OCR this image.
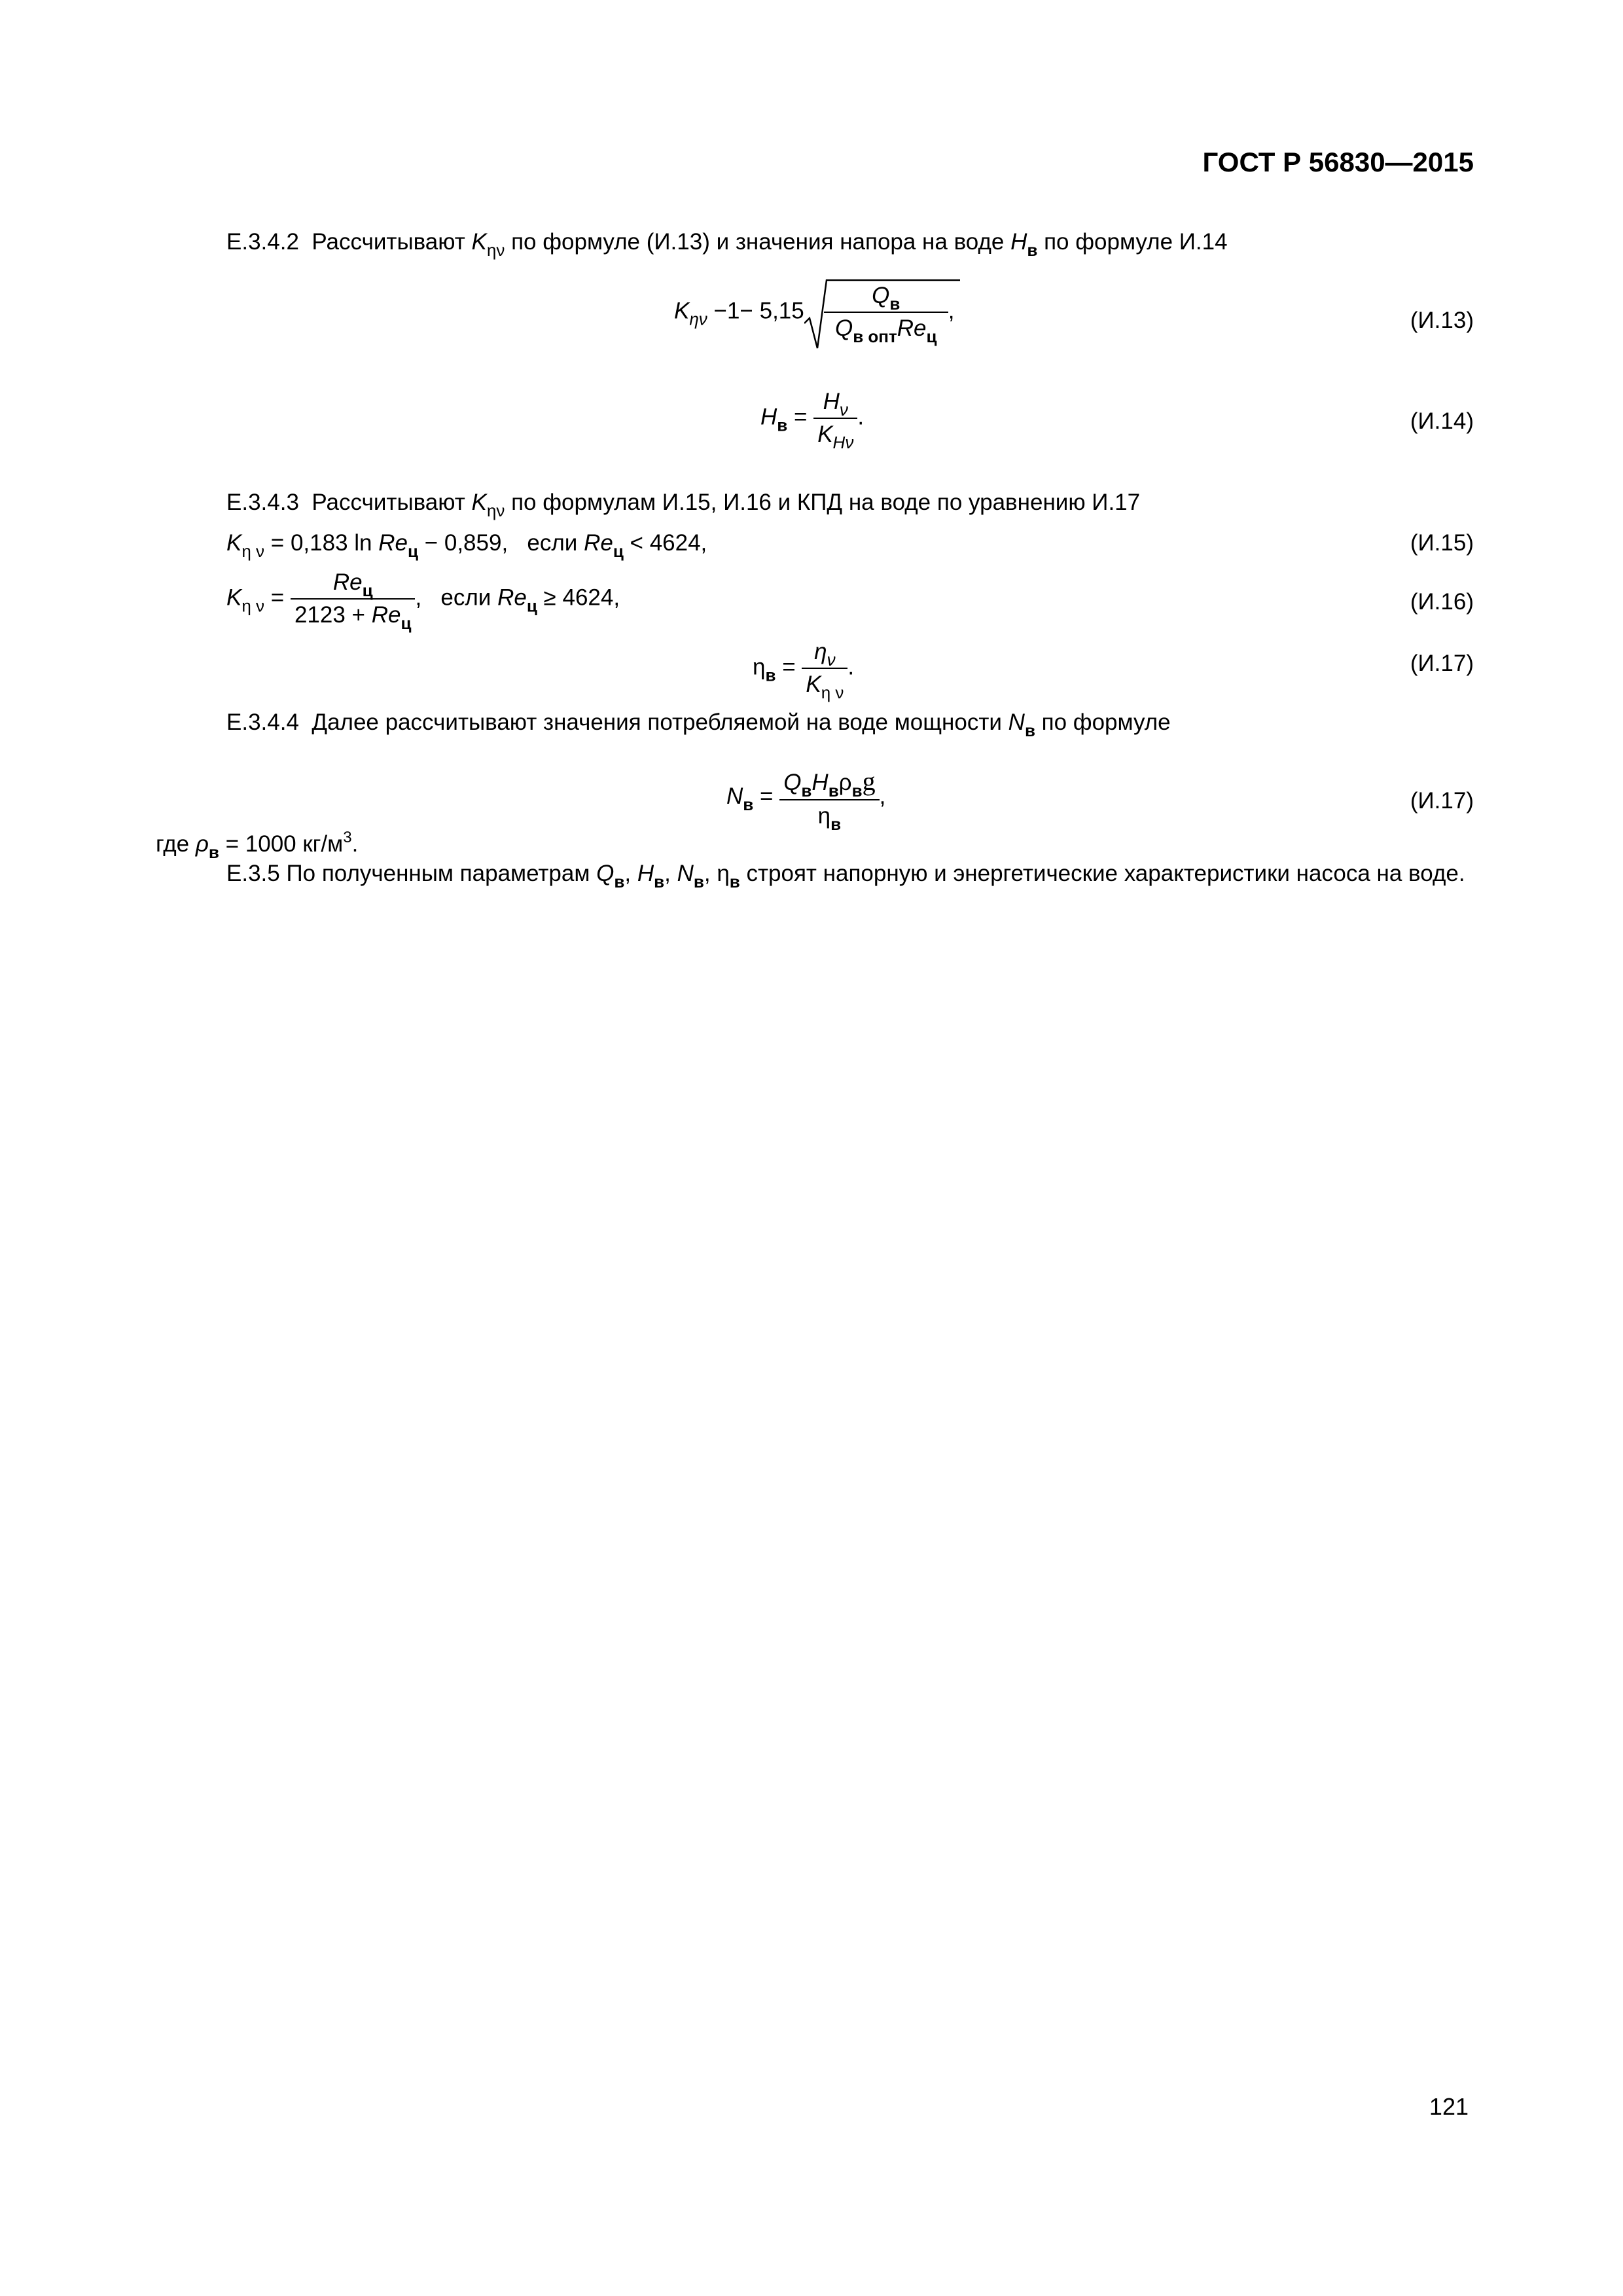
ГОСТ Р 56830—2015
Е.3.4.2 Рассчитывают $K_{\eta\nu}$ по формуле (И.13) и значения напора на воде $H_в$ по формуле И.14
$K_{\eta\nu} -1- 5,15 \frac{Q_в}{Q_{в опт}Re_ц}$ ,	(И.13)
$H_в = \frac{H_\nu}{K_{H\nu}}$ .	(И.14)
Е.3.4.3 Рассчитывают $K_{\eta\nu}$ по формулам И.15, И.16 и КПД на воде по уравнению И.17
$K_{\eta \nu} = 0,183$ $\ln Re_ц - 0,859$, если $Re_ц < 4624$,	(И.15)
$K_{\eta \nu} = \frac{Re_ц}{2123 + Re_ц}$ , если $Re_ц \ge 4624$,	(И.16)
$\eta_в = \frac{\eta_\nu}{K_{\eta \nu}}$ .	(И.17)
Е.3.4.4 Далее рассчитывают значения потребляемой на воде мощности $N_в$ по формуле
$N_в = \frac{Q_вH_в\rho_вg}{\eta_в}$ ,	(И.17)
где $\rho_в = 1000$ $кг/м^3$.
Е.3.5 По полученным параметрам $Q_в$, $H_в$, $N_в$, $\eta_в$ строят напорную и энергетические характеристики насоса на воде.
121
